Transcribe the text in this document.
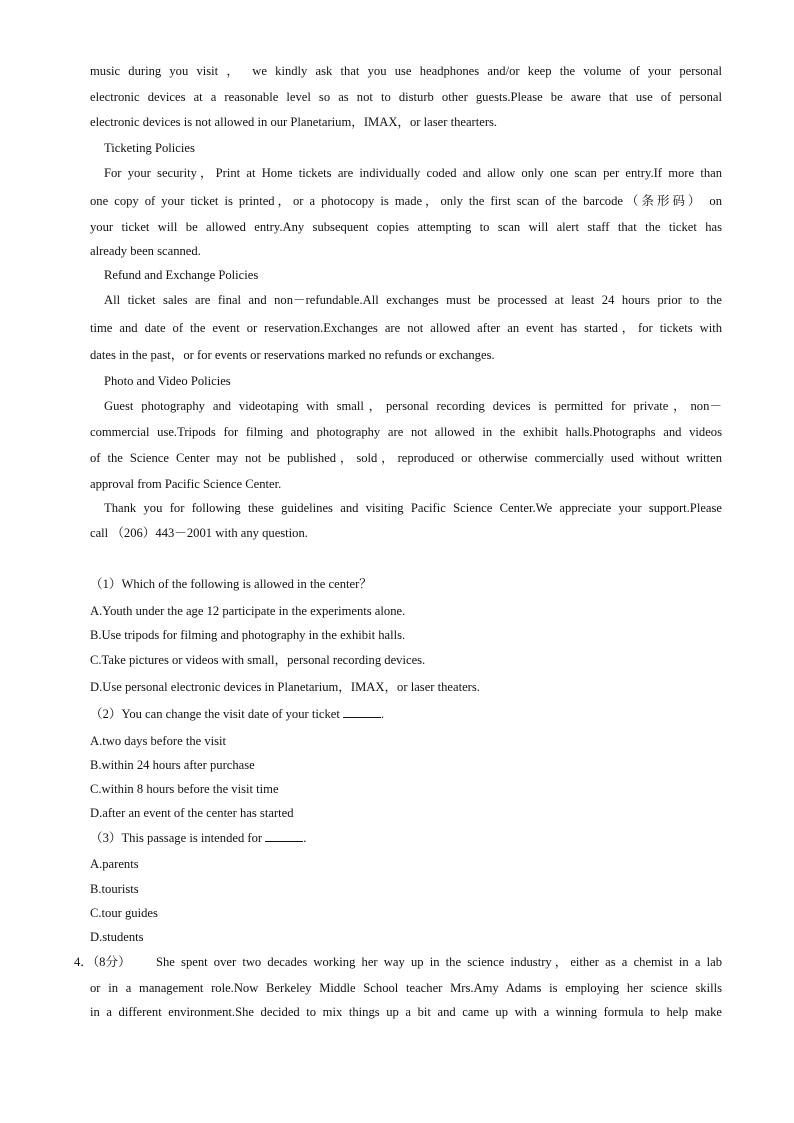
music during you visit ， we kindly ask that you use headphones and/or keep the volume of your personal
electronic devices at a reasonable level so as not to disturb other guests.Please be aware that use of personal
electronic devices is not allowed in our Planetarium，IMAX，or laser thearters.
Ticketing Policies
For your security，Print at Home tickets are individually coded and allow only one scan per entry.If more than
one copy of your ticket is printed，or a photocopy is made，only the first scan of the barcode（条形码） on
your ticket will be allowed entry.Any subsequent copies attempting to scan will alert staff that the ticket has
already been scanned.
Refund and Exchange Policies
All ticket sales are final and non－refundable.All exchanges must be processed at least 24 hours prior to the
time and date of the event or reservation.Exchanges are not allowed after an event has started，for tickets with
dates in the past，or for events or reservations marked no refunds or exchanges.
Photo and Video Policies
Guest photography and videotaping with small，personal recording devices is permitted for private，non－
commercial use.Tripods for filming and photography are not allowed in the exhibit halls.Photographs and videos
of the Science Center may not be published，sold，reproduced or otherwise commercially used without written
approval from Pacific Science Center.
Thank you for following these guidelines and visiting Pacific Science Center.We appreciate your support.Please
call （206）443－2001 with any question.
（1）Which of the following is allowed in the center？
A.Youth under the age 12 participate in the experiments alone.
B.Use tripods for filming and photography in the exhibit halls.
C.Take pictures or videos with small，personal recording devices.
D.Use personal electronic devices in Planetarium，IMAX，or laser theaters.
（2）You can change the visit date of your ticket	.
A.two days before the visit
B.within 24 hours after purchase
C.within 8 hours before the visit time
D.after an event of the center has started
（3）This passage is intended for	.
A.parents
B.tourists
C.tour guides
D.students
4．（8分）	She spent over two decades working her way up in the science industry，either as a chemist in a lab
or in a management role.Now Berkeley Middle School teacher Mrs.Amy Adams is employing her science skills
in a different environment.She decided to mix things up a bit and came up with a winning formula to help make
